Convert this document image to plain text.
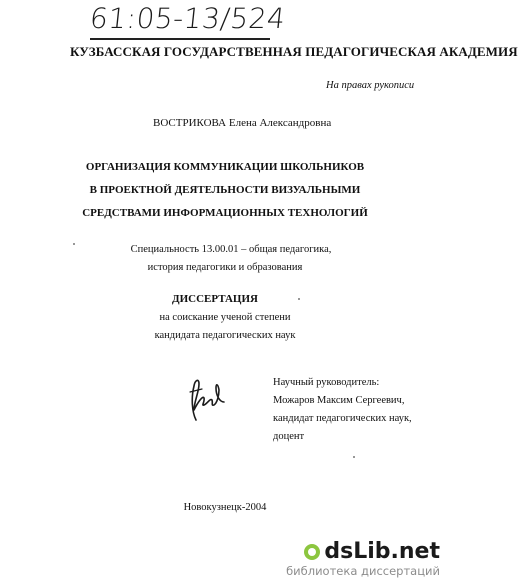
61:05-13/524
КУЗБАССКАЯ ГОСУДАРСТВЕННАЯ ПЕДАГОГИЧЕСКАЯ АКАДЕМИЯ
На правах рукописи
ВОСТРИКОВА Елена Александровна
ОРГАНИЗАЦИЯ КОММУНИКАЦИИ ШКОЛЬНИКОВ
В ПРОЕКТНОЙ ДЕЯТЕЛЬНОСТИ ВИЗУАЛЬНЫМИ
СРЕДСТВАМИ ИНФОРМАЦИОННЫХ ТЕХНОЛОГИЙ
Специальность 13.00.01 – общая педагогика,
история педагогики и образования
ДИССЕРТАЦИЯ
на соискание ученой степени
кандидата педагогических наук
Научный руководитель:
Можаров Максим Сергеевич,
кандидат педагогических наук,
доцент
Новокузнецк-2004
dsLib.net
библиотека диссертаций
